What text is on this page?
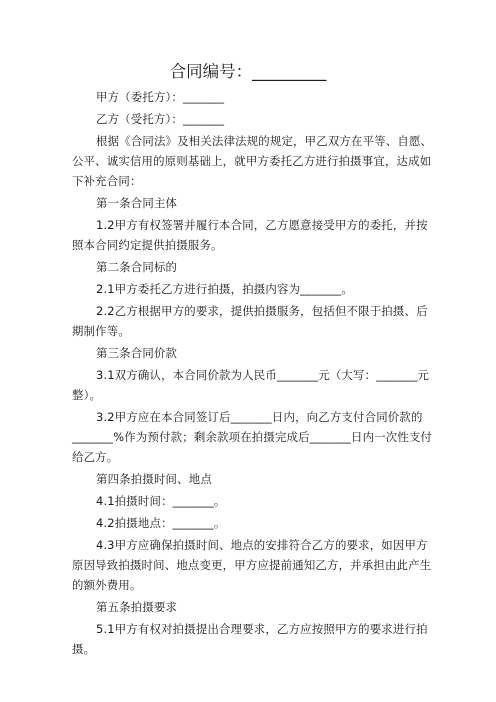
合同编号：_________

甲方（委托方）：_______

乙方（受托方）：_______

根据《合同法》及相关法律法规的规定，甲乙双方在平等、自愿、公平、诚实信用的原则基础上，就甲方委托乙方进行拍摄事宜，达成如下补充合同：

第一条合同主体

1.2甲方有权签署并履行本合同，乙方愿意接受甲方的委托，并按照本合同约定提供拍摄服务。

第二条合同标的

2.1甲方委托乙方进行拍摄，拍摄内容为_______。

2.2乙方根据甲方的要求，提供拍摄服务，包括但不限于拍摄、后期制作等。

第三条合同价款

3.1双方确认，本合同价款为人民币_______元（大写：_______元整）。

3.2甲方应在本合同签订后_______日内，向乙方支付合同价款的_______%作为预付款；剩余款项在拍摄完成后_______日内一次性支付给乙方。

第四条拍摄时间、地点

4.1拍摄时间：_______。

4.2拍摄地点：_______。

4.3甲方应确保拍摄时间、地点的安排符合乙方的要求，如因甲方原因导致拍摄时间、地点变更，甲方应提前通知乙方，并承担由此产生的额外费用。

第五条拍摄要求

5.1甲方有权对拍摄提出合理要求，乙方应按照甲方的要求进行拍摄。
